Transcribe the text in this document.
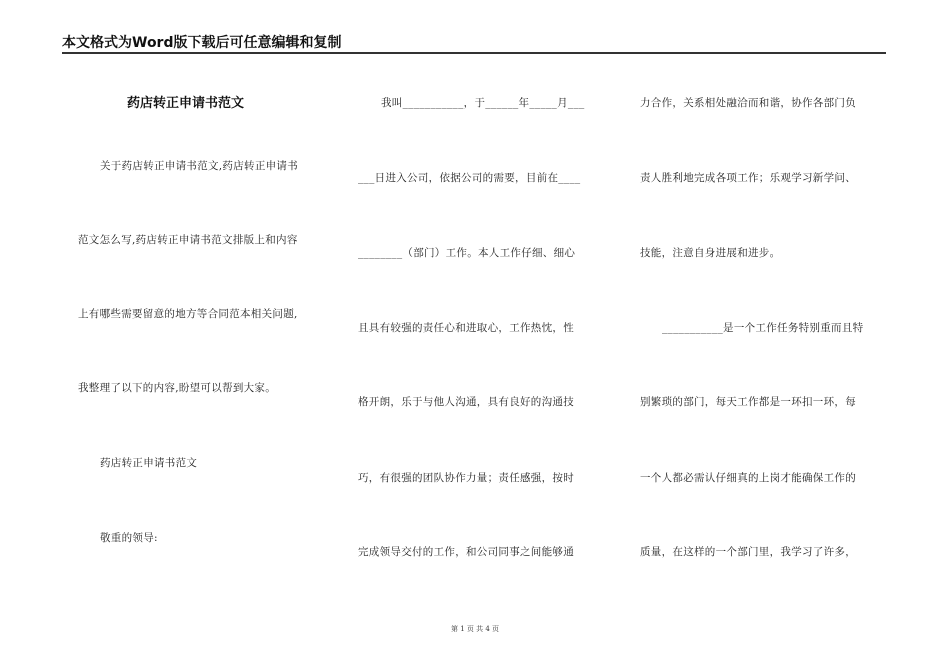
本文格式为Word版下载后可任意编辑和复制
药店转正申请书范文
关于药店转正申请书范文,药店转正申请书
范文怎么写,药店转正申请书范文排版上和内容
上有哪些需要留意的地方等合同范本相关问题,
我整理了以下的内容,盼望可以帮到大家。
药店转正申请书范文
敬重的领导:
我叫___________，于______年_____月___
___日进入公司，依据公司的需要，目前在____
________（部门）工作。本人工作仔细、细心
且具有较强的责任心和进取心，工作热忱，性
格开朗，乐于与他人沟通，具有良好的沟通技
巧，有很强的团队协作力量；责任感强，按时
完成领导交付的工作，和公司同事之间能够通
力合作，关系相处融洽而和谐，协作各部门负
责人胜利地完成各项工作；乐观学习新学问、
技能，注意自身进展和进步。
___________是一个工作任务特别重而且特
别繁琐的部门，每天工作都是一环扣一环，每
一个人都必需认仔细真的上岗才能确保工作的
质量，在这样的一个部门里，我学习了许多，
第 1 页 共 4 页
